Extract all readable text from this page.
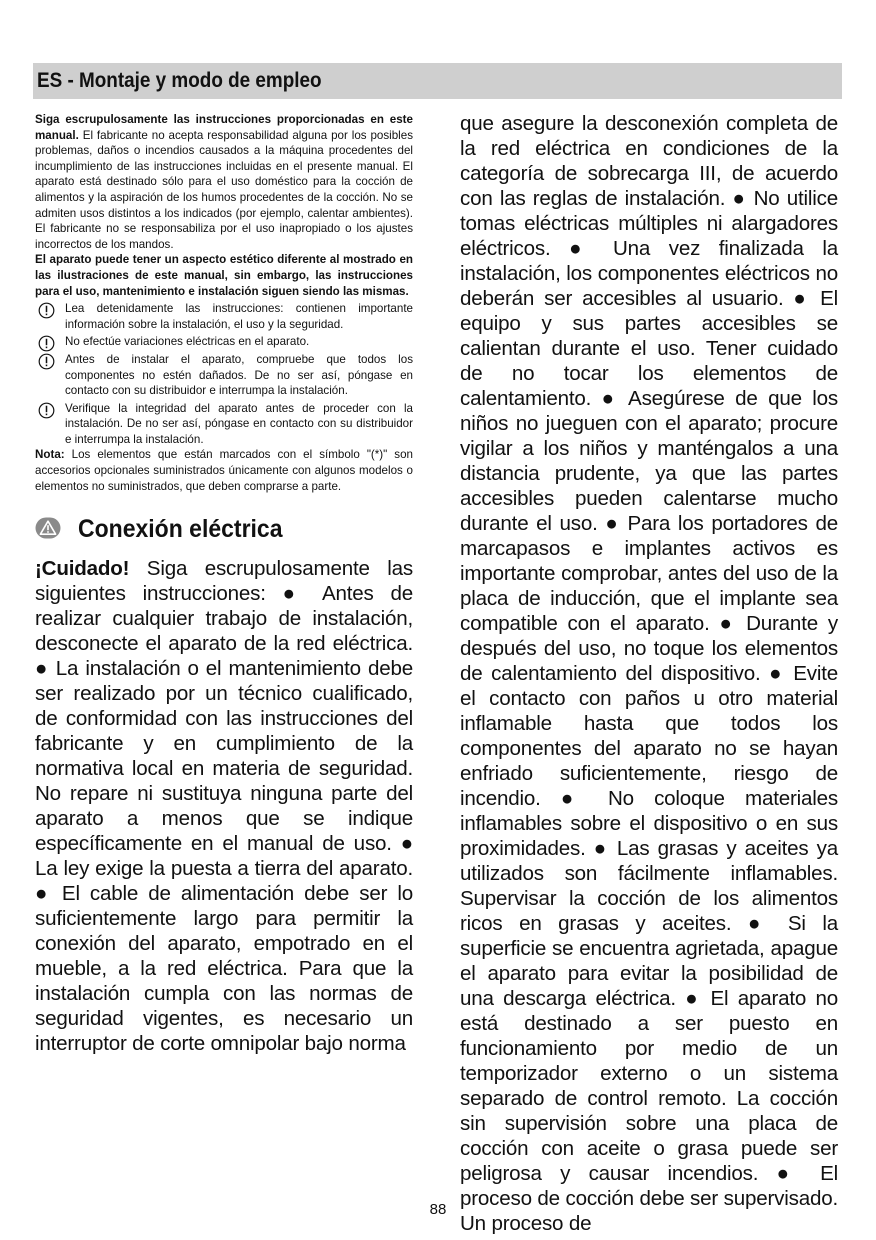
ES - Montaje y modo de empleo

Siga escrupulosamente las instrucciones proporcionadas en este manual. El fabricante no acepta responsabilidad alguna por los posibles problemas, daños o incendios causados a la máquina procedentes del incumplimiento de las instrucciones incluidas en el presente manual. El aparato está destinado sólo para el uso doméstico para la cocción de alimentos y la aspiración de los humos procedentes de la cocción. No se admiten usos distintos a los indicados (por ejemplo, calentar ambientes). El fabricante no se responsabiliza por el uso inapropiado o los ajustes incorrectos de los mandos.

El aparato puede tener un aspecto estético diferente al mostrado en las ilustraciones de este manual, sin embargo, las instrucciones para el uso, mantenimiento e instalación siguen siendo las mismas.

Lea detenidamente las instrucciones: contienen importante información sobre la instalación, el uso y la seguridad.
No efectúe variaciones eléctricas en el aparato.
Antes de instalar el aparato, compruebe que todos los componentes no estén dañados. De no ser así, póngase en contacto con su distribuidor e interrumpa la instalación.
Verifique la integridad del aparato antes de proceder con la instalación. De no ser así, póngase en contacto con su distribuidor e interrumpa la instalación.

Nota: Los elementos que están marcados con el símbolo "(*)" son accesorios opcionales suministrados únicamente con algunos modelos o elementos no suministrados, que deben comprarse a parte.

Conexión eléctrica

¡Cuidado! Siga escrupulosamente las siguientes instrucciones: ● Antes de realizar cualquier trabajo de instalación, desconecte el aparato de la red eléctrica. ● La instalación o el mantenimiento debe ser realizado por un técnico cualificado, de conformidad con las instrucciones del fabricante y en cumplimiento de la normativa local en materia de seguridad. No repare ni sustituya ninguna parte del aparato a menos que se indique específicamente en el manual de uso. ● La ley exige la puesta a tierra del aparato. ● El cable de alimentación debe ser lo suficientemente largo para permitir la conexión del aparato, empotrado en el mueble, a la red eléctrica. Para que la instalación cumpla con las normas de seguridad vigentes, es necesario un interruptor de corte omnipolar bajo norma

que asegure la desconexión completa de la red eléctrica en condiciones de la categoría de sobrecarga III, de acuerdo con las reglas de instalación. ● No utilice tomas eléctricas múltiples ni alargadores eléctricos. ● Una vez finalizada la instalación, los componentes eléctricos no deberán ser accesibles al usuario. ● El equipo y sus partes accesibles se calientan durante el uso. Tener cuidado de no tocar los elementos de calentamiento. ● Asegúrese de que los niños no jueguen con el aparato; procure vigilar a los niños y manténgalos a una distancia prudente, ya que las partes accesibles pueden calentarse mucho durante el uso. ● Para los portadores de marcapasos e implantes activos es importante comprobar, antes del uso de la placa de inducción, que el implante sea compatible con el aparato. ● Durante y después del uso, no toque los elementos de calentamiento del dispositivo. ● Evite el contacto con paños u otro material inflamable hasta que todos los componentes del aparato no se hayan enfriado suficientemente, riesgo de incendio. ● No coloque materiales inflamables sobre el dispositivo o en sus proximidades. ● Las grasas y aceites ya utilizados son fácilmente inflamables. Supervisar la cocción de los alimentos ricos en grasas y aceites. ● Si la superficie se encuentra agrietada, apague el aparato para evitar la posibilidad de una descarga eléctrica. ● El aparato no está destinado a ser puesto en funcionamiento por medio de un temporizador externo o un sistema separado de control remoto. La cocción sin supervisión sobre una placa de cocción con aceite o grasa puede ser peligrosa y causar incendios. ● El proceso de cocción debe ser supervisado. Un proceso de

88
